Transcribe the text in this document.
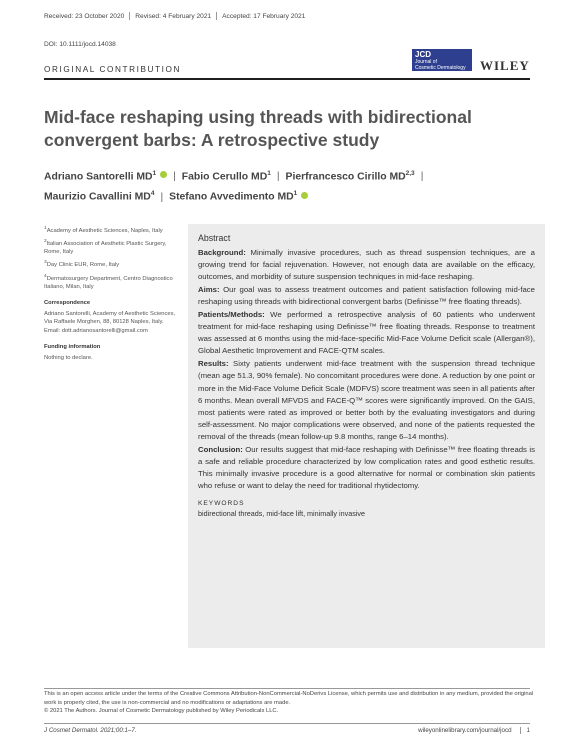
Received: 23 October 2020 Revised: 4 February 2021 Accepted: 17 February 2021
DOI: 10.1111/jocd.14038
ORIGINAL CONTRIBUTION
JCD
Journal of
Cosmetic Dermatology WILEY
Mid-face reshaping using threads with bidirectional convergent barbs: A retrospective study
Adriano Santorelli $MD^1$ | Fabio Cerullo $MD^1$ | Pierfrancesco Cirillo MD$^{2,3}$ |
Maurizio Cavallini $MD^4$ | Stefano Avvedimento $MD^1$

$^1$Academy of Aesthetic Sciences, Naples, Italy

$^2$Italian Association of Aesthetic Plastic Surgery, Rome, Italy

$^3$Day Clinic EUR, Rome, Italy

$^4$Dermatosurgery Department, Centro Diagnostico Italiano, Milan, Italy

Correspondence

Adriano Santorelli, Academy of Aesthetic Sciences, Via Raffaele Morghen, 88, 80128 Naples, Italy.

Email: dott.adrianosantorelli@gmail.com

Funding information

Nothing to declare.

Abstract

Background: Minimally invasive procedures, such as thread suspension techniques, are a growing trend for facial rejuvenation. However, not enough data are available on the efficacy, outcomes, and morbidity of suture suspension techniques in mid-face reshaping.

Aims: Our goal was to assess treatment outcomes and patient satisfaction following mid-face reshaping using threads with bidirectional convergent barbs (Definisse™ free floating threads).

Patients/Methods: We performed a retrospective analysis of 60 patients who underwent treatment for mid-face reshaping using Definisse™ free floating threads. Response to treatment was assessed at 6 months using the mid-face-specific Mid-Face Volume Deficit scale (Allergan®), Global Aesthetic Improvement and FACE-QTM scales.

Results: Sixty patients underwent mid-face treatment with the suspension thread technique (mean age 51.3, 90% female). No concomitant procedures were done. A reduction by one point or more in the Mid-Face Volume Deficit Scale (MDFVS) score treatment was seen in all patients after 6 months. Mean overall MFVDS and FACE-Q™ scores were significantly improved. On the GAIS, most patients were rated as improved or better both by the evaluating investigators and during self-assessment. No major complications were observed, and none of the patients requested the removal of the threads (mean follow-up 9.8 months, range 6–14 months).

Conclusion: Our results suggest that mid-face reshaping with Definisse™ free floating threads is a safe and reliable procedure characterized by low complication rates and good esthetic results. This minimally invasive procedure is a good alternative for normal or combination skin patients who refuse or want to delay the need for traditional rhytidectomy.

KEYWORDS
bidirectional threads, mid-face lift, minimally invasive
This is an open access article under the terms of the Creative Commons Attribution-NonCommercial-NoDerivs License, which permits use and distribution in any medium, provided the original work is properly cited, the use is non-commercial and no modifications or adaptations are made.
© 2021 The Authors. Journal of Cosmetic Dermatology published by Wiley Periodicals LLC.
J Cosmet Dermatol. 2021;00:1–7.	wileyonlinelibrary.com/journal/jocd 1
